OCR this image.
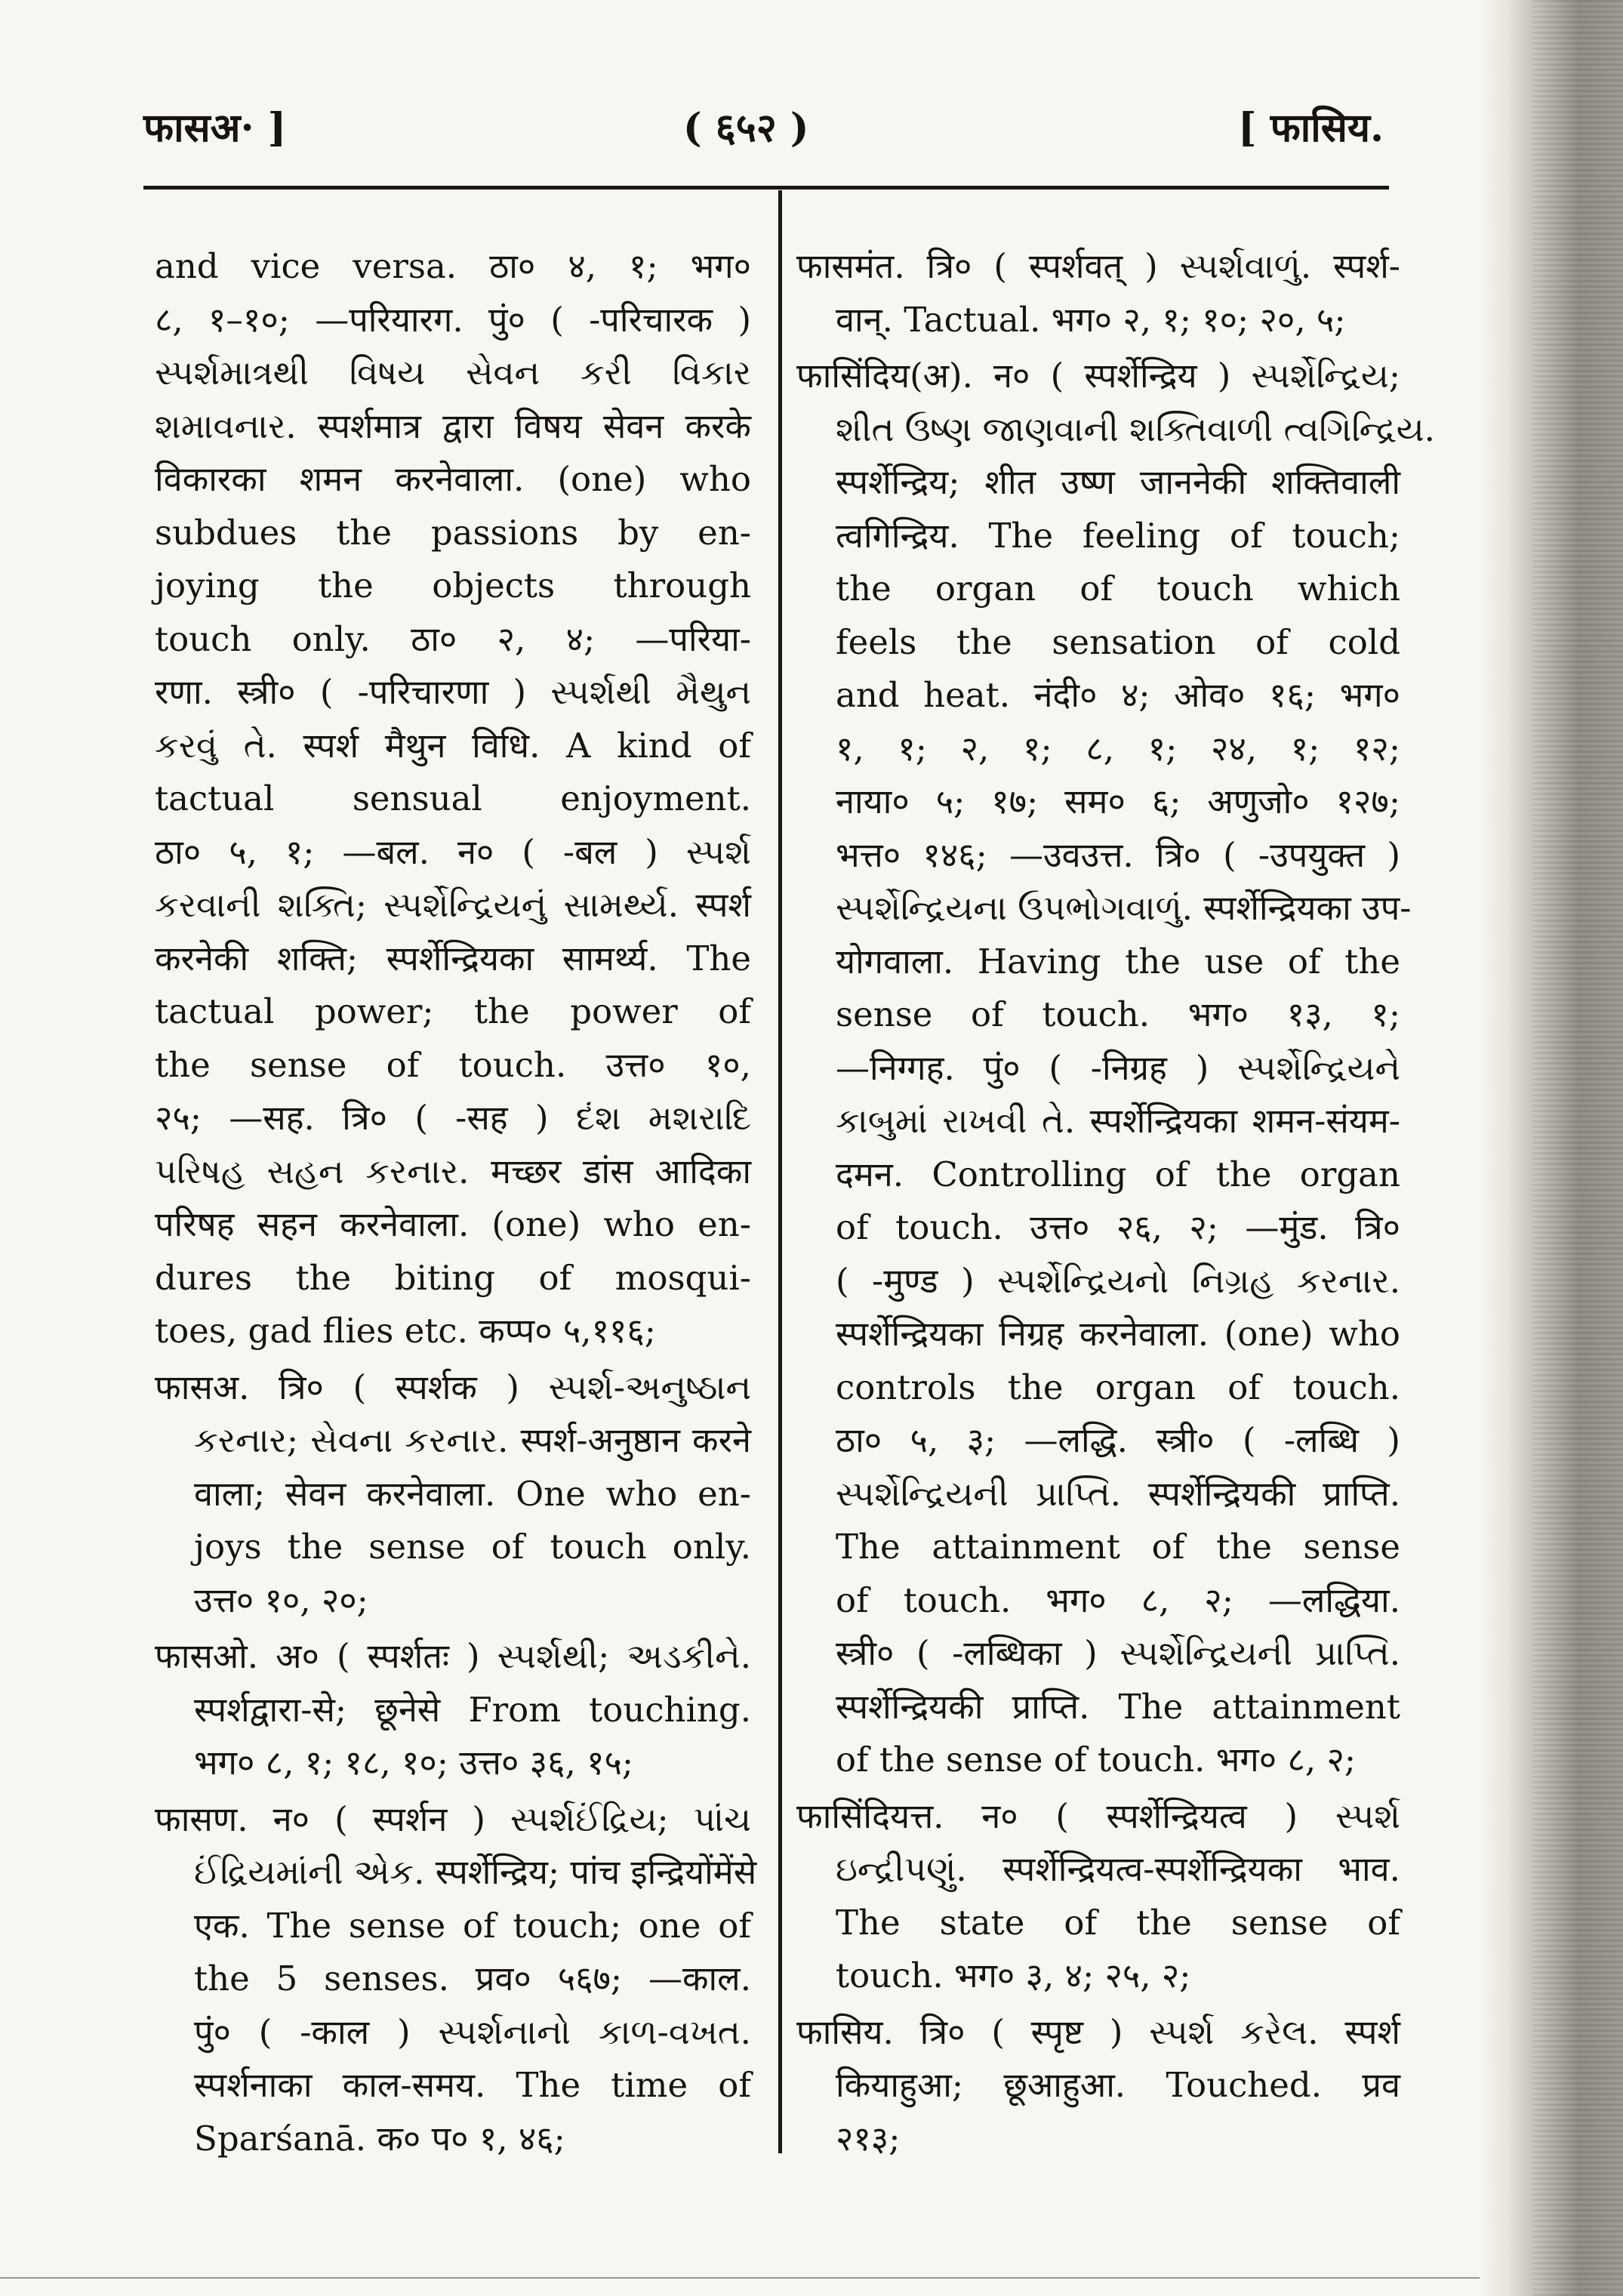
फासअ· ]	( ६५२ )	[ फासिय.
and vice versa. ठा० ४, १; भग०
८, १–१०; —परियारग. पुं० ( -परिचारक )
સ્પર્શમાત્રથી વિષય સેવન કરી વિકાર
શમાવનાર. स्पर्शमात्र द्वारा विषय सेवन करके
विकारका शमन करनेवाला. (one) who
subdues the passions by en-
joying the objects through
touch only. ठा० २, ४; —परिया-
रणा. स्त्री० ( -परिचारणा ) સ્પર્શથી મૈથુન
કરવું તે. स्पर्श मैथुन विधि. A kind of
tactual sensual enjoyment.
ठा० ५, १; —बल. न० ( -बल ) સ્પર્શ
કરવાની શક્તિ; સ્પર્શેન્દ્રિયનું સામર્થ્ય. स्पर्श
करनेकी शक्ति; स्पर्शेन्द्रियका सामर्थ्य. The
tactual power; the power of
the sense of touch. उत्त० १०,
२५; —सह. त्रि० ( -सह ) દંશ મશરાદિ
પરિષહ સહન કરનાર. मच्छर डांस आदिका
परिषह सहन करनेवाला. (one) who en-
dures the biting of mosqui-
toes, gad flies etc. कप्प० ५,११६;
फासअ. त्रि० ( स्पर्शक ) સ્પર્શ-અનુષ્ઠાન
કરનાર; સેવના કરનાર. स्पर्श-अनुष्ठान करने
वाला; सेवन करनेवाला. One who en-
joys the sense of touch only.
उत्त० १०, २०;
फासओ. अ० ( स्पर्शतः ) સ્પર્શથી; અડકીને.
स्पर्शद्वारा-से; छूनेसे From touching.
भग० ८, १; १८, १०; उत्त० ३६, १५;
फासण. न० ( स्पर्शन ) સ્પર્શઈંદ્રિય; પાંચ
ઈંદ્રિયમાંની એક. स्पर्शेन्द्रिय; पांच इन्द्रियोंमेंसे
एक. The sense of touch; one of
the 5 senses. प्रव० ५६७; —काल.
पुं० ( -काल ) સ્પર્શનાનો કાળ-વખત.
स्पर्शनाका काल-समय. The time of
Sparśanā. क० प० १, ४६;
फासमंत. त्रि० ( स्पर्शवत् ) સ્પર્શવાળું. स्पर्श-
वान्. Tactual. भग० २, १; १०; २०, ५;
फासिंदिय(अ). न० ( स्पर्शेन्द्रिय ) સ્પર્શેન્દ્રિય;
શીત ઉષ્ણ જાણવાની શક્તિવાળી ત્વગિન્દ્રિય.
स्पर्शेन्द्रिय; शीत उष्ण जाननेकी शक्तिवाली
त्वगिन्द्रिय. The feeling of touch;
the organ of touch which
feels the sensation of cold
and heat. नंदी० ४; ओव० १६; भग०
१, १; २, १; ८, १; २४, १; १२;
नाया० ५; १७; सम० ६; अणुजो० १२७;
भत्त० १४६; —उवउत्त. त्रि० ( -उपयुक्त )
સ્પર્શેન્દ્રિયના ઉપભોગવાળું. स्पर्शेन्द्रियका उप-
योगवाला. Having the use of the
sense of touch. भग० १३, १;
—निग्गह. पुं० ( -निग्रह ) સ્પર્શેન્દ્રિયને
કાબુમાં રાખવી તે. स्पर्शेन्द्रियका शमन-संयम-
दमन. Controlling of the organ
of touch. उत्त० २६, २; —मुंड. त्रि०
( -मुण्ड ) સ્પર્શેન્દ્રિયનો નિગ્રહ કરનાર.
स्पर्शेन्द्रियका निग्रह करनेवाला. (one) who
controls the organ of touch.
ठा० ५, ३; —लद्धि. स्त्री० ( -लब्धि )
સ્પર્શેન્દ્રિયની પ્રાપ્તિ. स्पर्शेन्द्रियकी प्राप्ति.
The attainment of the sense
of touch. भग० ८, २; —लद्धिया.
स्त्री० ( -लब्धिका ) સ્પર્શેન્દ્રિયની પ્રાપ્તિ.
स्पर्शेन्द्रियकी प्राप्ति. The attainment
of the sense of touch. भग० ८, २;
फासिंदियत्त. न० ( स्पर्शेन्द्रियत्व ) સ્પર્શ
ઇન્દ્રીપણું. स्पर्शेन्द्रियत्व-स्पर्शेन्द्रियका भाव.
The state of the sense of
touch. भग० ३, ४; २५, २;
फासिय. त्रि० ( स्पृष्ट ) સ્પર્શ કરેલ. स्पर्श
कियाहुआ; छूआहुआ. Touched. प्रव
२१३;
